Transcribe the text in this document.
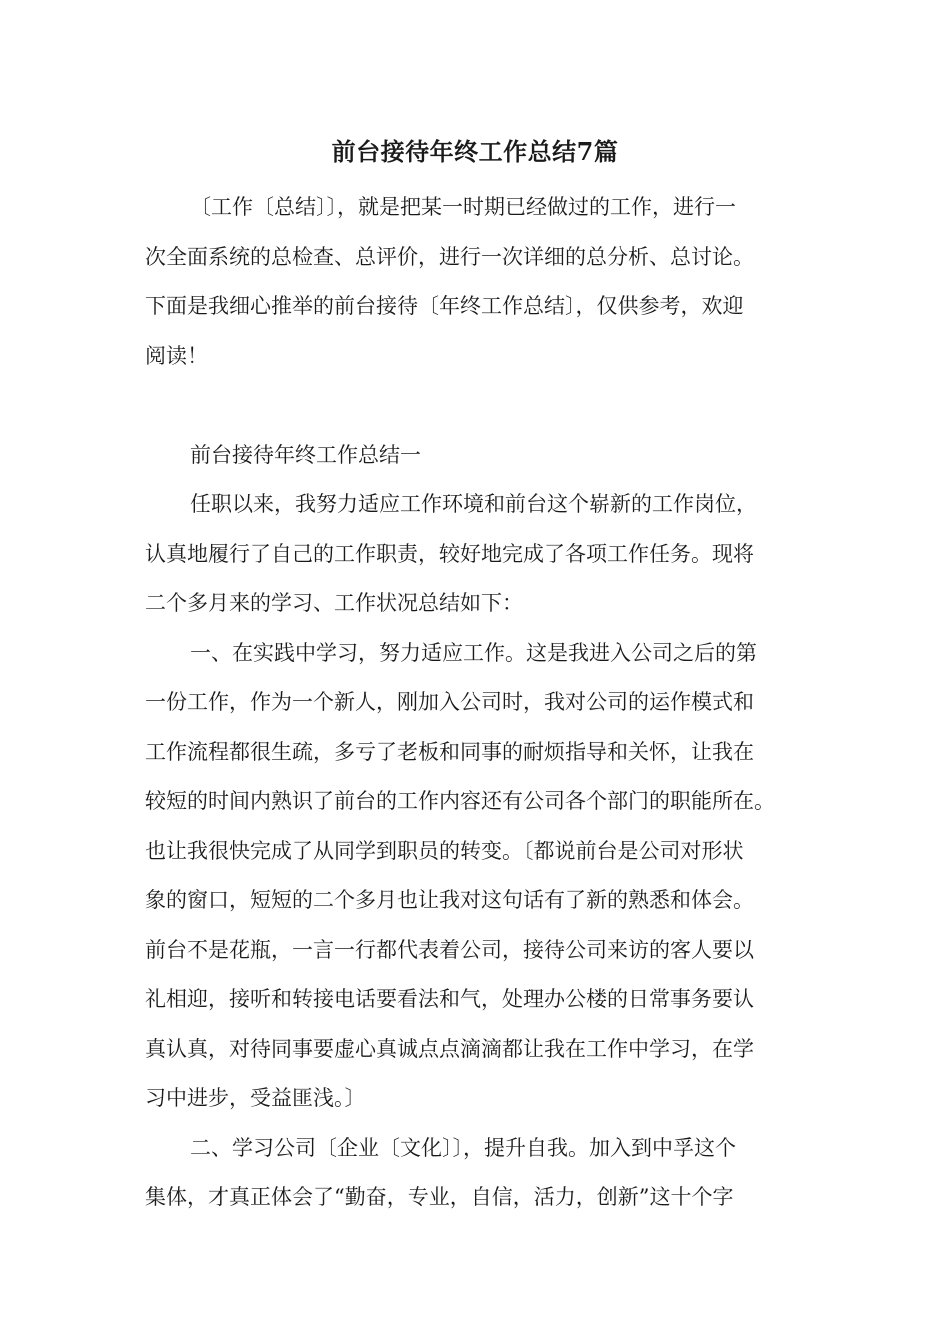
前台接待年终工作总结7篇
〔工作〔总结〕〕，就是把某一时期已经做过的工作，进行一
次全面系统的总检查、总评价，进行一次详细的总分析、总讨论。
下面是我细心推举的前台接待〔年终工作总结〕，仅供参考，欢迎
阅读！
前台接待年终工作总结一
任职以来，我努力适应工作环境和前台这个崭新的工作岗位，
认真地履行了自己的工作职责，较好地完成了各项工作任务。现将
二个多月来的学习、工作状况总结如下：
一、在实践中学习，努力适应工作。这是我进入公司之后的第
一份工作，作为一个新人，刚加入公司时，我对公司的运作模式和
工作流程都很生疏，多亏了老板和同事的耐烦指导和关怀，让我在
较短的时间内熟识了前台的工作内容还有公司各个部门的职能所在。
也让我很快完成了从同学到职员的转变。〔都说前台是公司对形状
象的窗口，短短的二个多月也让我对这句话有了新的熟悉和体会。
前台不是花瓶，一言一行都代表着公司，接待公司来访的客人要以
礼相迎，接听和转接电话要看法和气，处理办公楼的日常事务要认
真认真，对待同事要虚心真诚点点滴滴都让我在工作中学习，在学
习中进步，受益匪浅。〕
二、学习公司〔企业〔文化〕〕，提升自我。加入到中孚这个
集体，才真正体会了“勤奋，专业，自信，活力，创新”这十个字
